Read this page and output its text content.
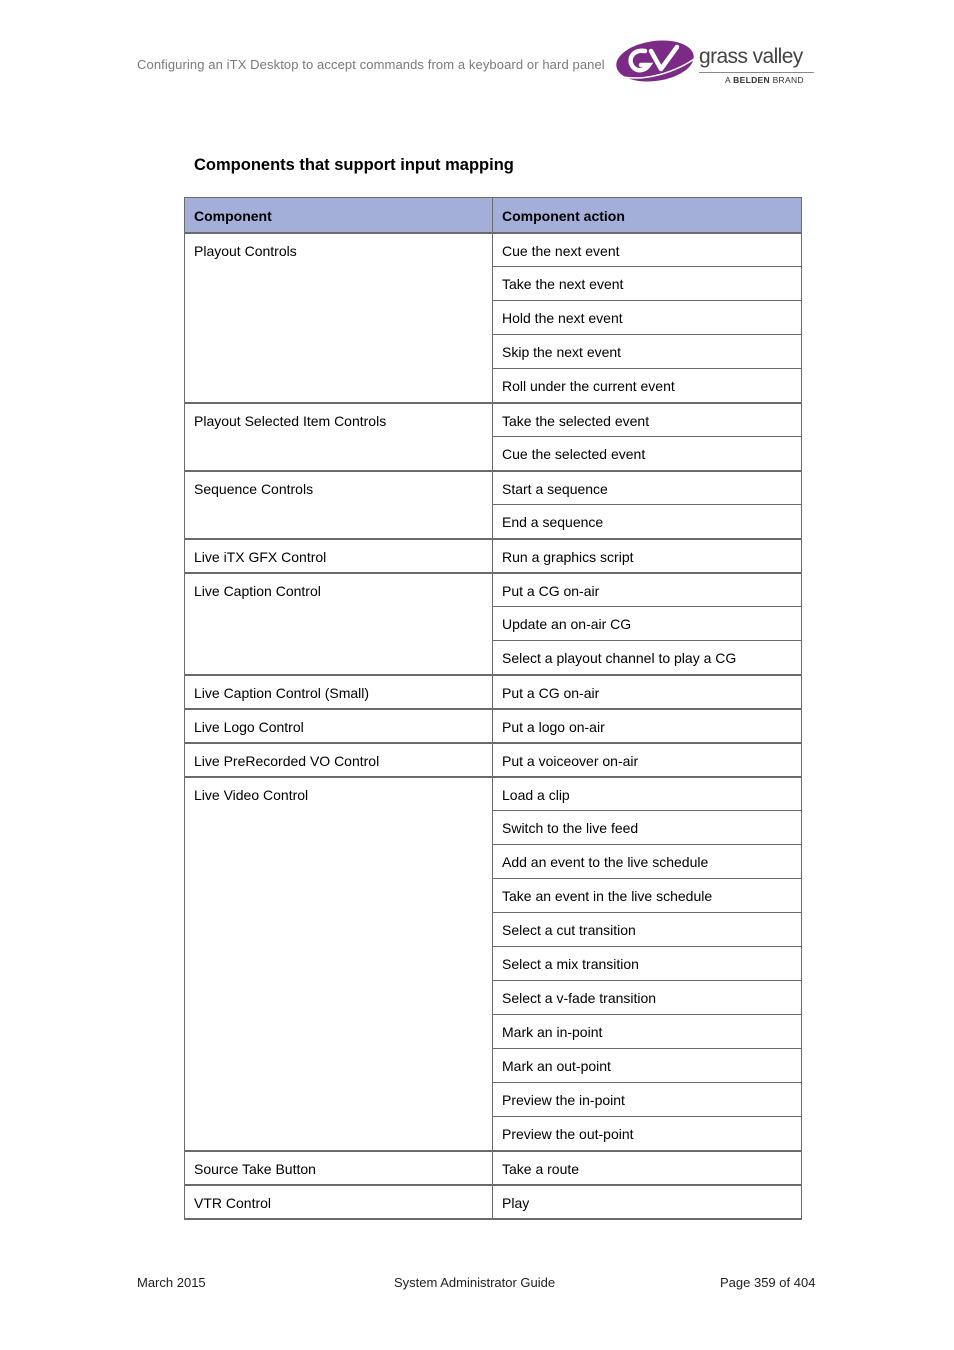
Configuring an iTX Desktop to accept commands from a keyboard or hard panel	grass valley
A BELDEN BRAND
Components that support input mapping
Component	Component action
Playout Controls	Cue the next event
	Take the next event
	Hold the next event
	Skip the next event
	Roll under the current event
Playout Selected Item Controls	Take the selected event
	Cue the selected event
Sequence Controls	Start a sequence
	End a sequence
Live iTX GFX Control	Run a graphics script
Live Caption Control	Put a CG on-air
	Update an on-air CG
	Select a playout channel to play a CG
Live Caption Control (Small)	Put a CG on-air
Live Logo Control	Put a logo on-air
Live PreRecorded VO Control	Put a voiceover on-air
Live Video Control	Load a clip
	Switch to the live feed
	Add an event to the live schedule
	Take an event in the live schedule
	Select a cut transition
	Select a mix transition
	Select a v-fade transition
	Mark an in-point
	Mark an out-point
	Preview the in-point
	Preview the out-point
Source Take Button	Take a route
VTR Control	Play
March 2015	System Administrator Guide	Page 359 of 404
